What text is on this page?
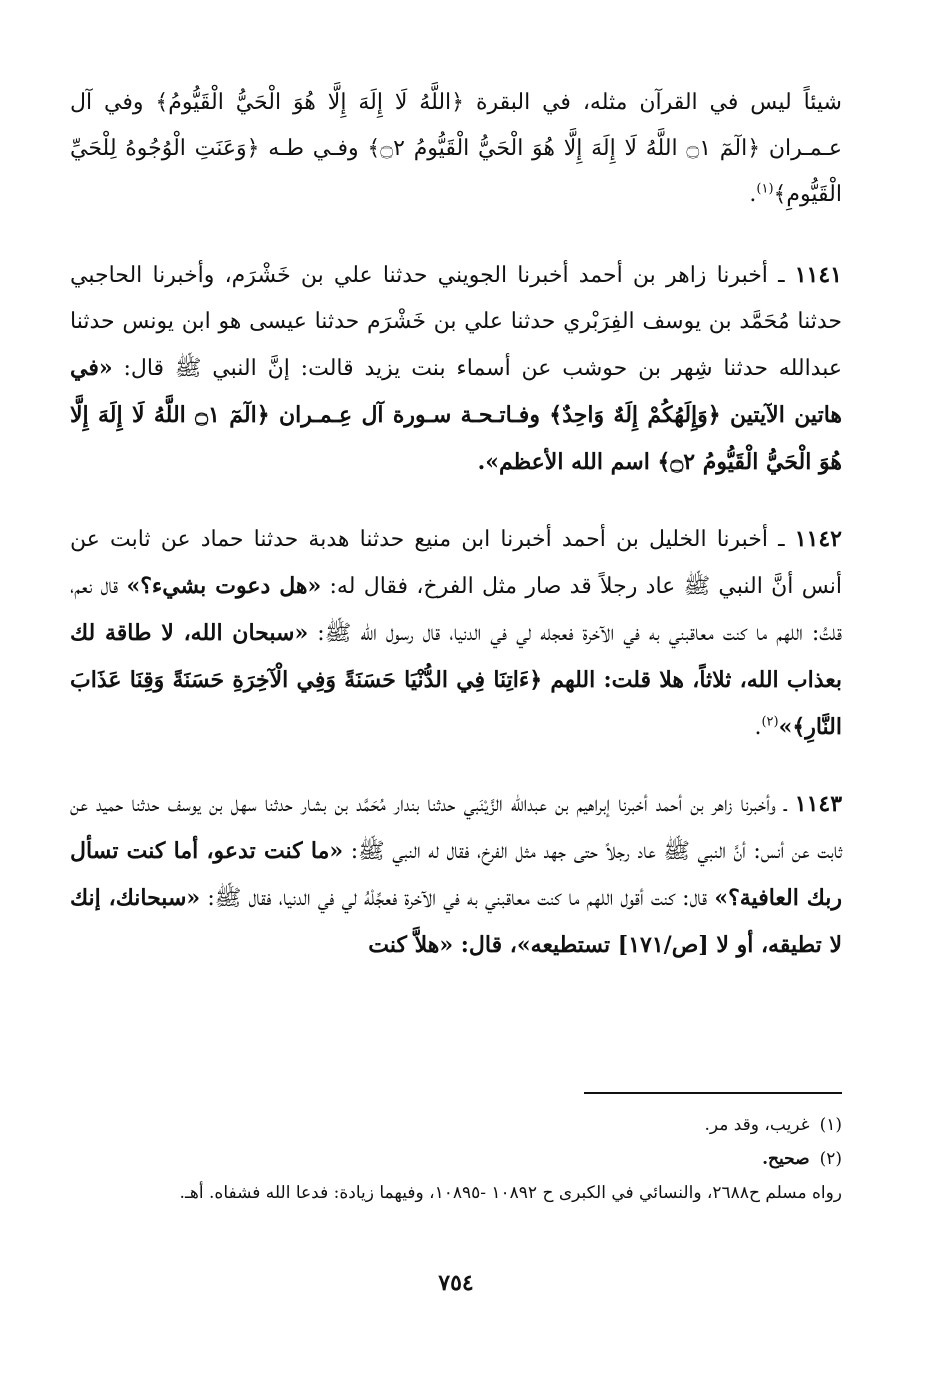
شيئاً ليس في القرآن مثله، في البقرة ﴿اللَّهُ لَا إِلَهَ إِلَّا هُوَ الْحَيُّ الْقَيُّومُ﴾ وفي آل عـمـران ﴿الٓمٓ ۝١ اللَّهُ لَا إِلَهَ إِلَّا هُوَ الْحَيُّ الْقَيُّومُ ۝٢﴾ وفـي طـه ﴿وَعَنَتِ الْوُجُوهُ لِلْحَيِّ الْقَيُّومِ﴾$^{(١)}$.

١١٤١ ـ أخبرنا زاهر بن أحمد أخبرنا الجويني حدثنا علي بن خَشْرَم، وأخبرنا الحاجبي حدثنا مُحَمَّد بن يوسف الفِرَبْري حدثنا علي بن خَشْرَم حدثنا عيسى هو ابن يونس حدثنا عبدالله حدثنا شِهر بن حوشب عن أسماء بنت يزيد قالت: إنَّ النبي ﷺ قال: «في هاتين الآيتين ﴿وَإِلَهُكُمْ إِلَهٌ وَاحِدٌ﴾ وفـاتـحـة سـورة آل عِـمـران ﴿الٓمٓ ۝١ اللَّهُ لَا إِلَهَ إِلَّا هُوَ الْحَيُّ الْقَيُّومُ ۝٢﴾ اسم الله الأعظم».

١١٤٢ ـ أخبرنا الخليل بن أحمد أخبرنا ابن منيع حدثنا هدبة حدثنا حماد عن ثابت عن أنس أنَّ النبي ﷺ عاد رجلاً قد صار مثل الفرخ، فقال له: «هل دعوت بشيء؟» قال نعم، قلتُ: اللهم ما كنت معاقبني به في الآخرة فعجله لي في الدنيا، قال رسول الله ﷺ: «سبحان الله، لا طاقة لك بعذاب الله، ثلاثاً، هلا قلت: اللهم ﴿ءَاتِنَا فِي الدُّنْيَا حَسَنَةً وَفِي الْآخِرَةِ حَسَنَةً وَقِنَا عَذَابَ النَّارِ﴾»$^{(٢)}$.

١١٤٣ ـ وأخبرنا زاهر بن أحمد أخبرنا إبراهيم بن عبدالله الزَّيْنَبي حدثنا بندار مُحَمَّد بن بشار حدثنا سهل بن يوسف حدثنا حميد عن ثابت عن أنس: أنَّ النبي ﷺ عاد رجلاً حتى جهد مثل الفرخ، فقال له النبي ﷺ: «ما كنت تدعو، أما كنت تسأل ربك العافية؟» قال: كنت أقول اللهم ما كنت معاقبني به في الآخرة فعجِّلْهُ لي في الدنيا، فقال ﷺ: «سبحانك، إنك لا تطيقه، أو لا [ص/١٧١] تستطيعه»، قال: «هلاَّ كنت

(١)غريب، وقد مر.

(٢)صحيح.

رواه مسلم ح٢٦٨٨، والنسائي في الكبرى ح ١٠٨٩٢ -١٠٨٩٥، وفيهما زيادة: فدعا الله فشفاه. أهـ.

٧٥٤
